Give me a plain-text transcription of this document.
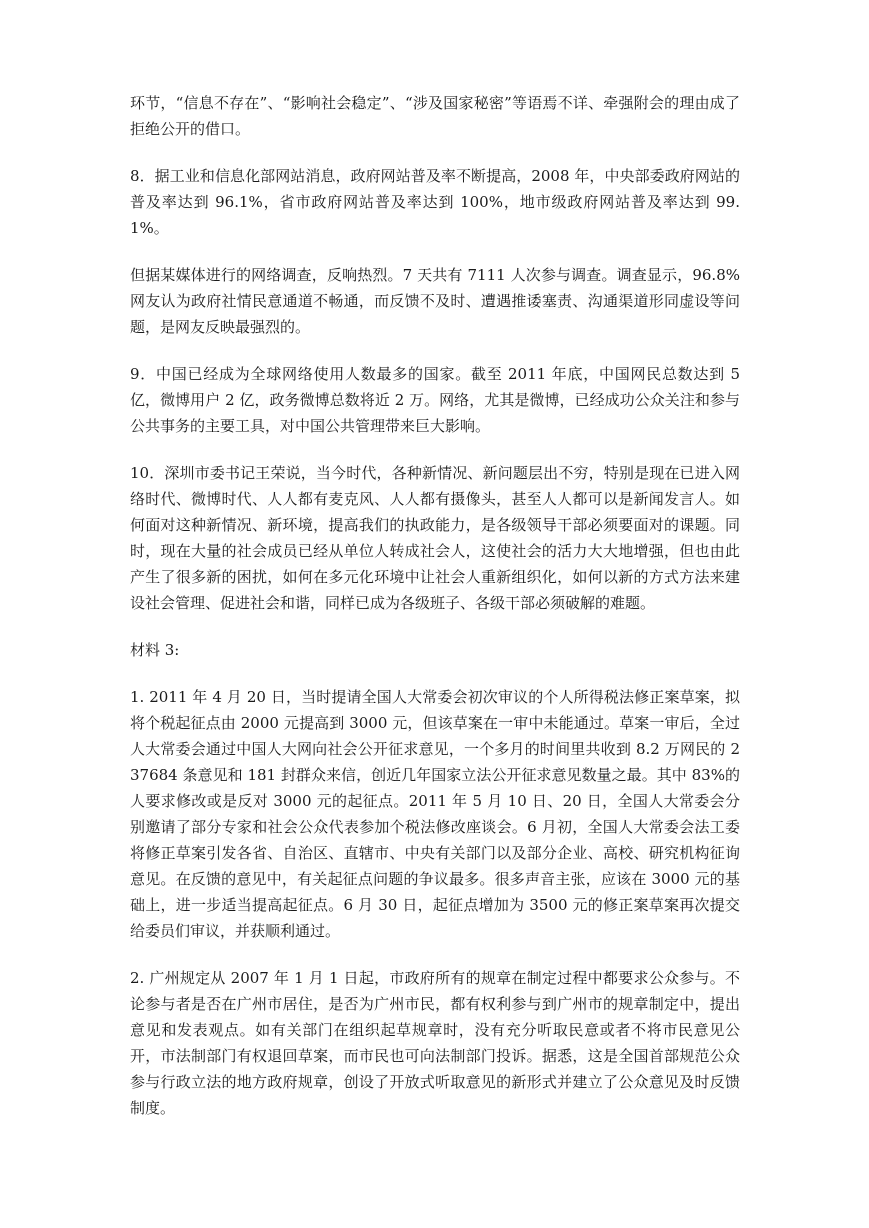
环节，“信息不存在”、“影响社会稳定”、“涉及国家秘密”等语焉不详、牵强附会的理由成了拒绝公开的借口。

8．据工业和信息化部网站消息，政府网站普及率不断提高，2008 年，中央部委政府网站的普及率达到 96.1%，省市政府网站普及率达到 100%，地市级政府网站普及率达到 99.1%。

但据某媒体进行的网络调查，反响热烈。7 天共有 7111 人次参与调查。调查显示，96.8%网友认为政府社情民意通道不畅通，而反馈不及时、遭遇推诿塞责、沟通渠道形同虚设等问题，是网友反映最强烈的。

9．中国已经成为全球网络使用人数最多的国家。截至 2011 年底，中国网民总数达到 5 亿，微博用户 2 亿，政务微博总数将近 2 万。网络，尤其是微博，已经成功公众关注和参与公共事务的主要工具，对中国公共管理带来巨大影响。

10．深圳市委书记王荣说，当今时代，各种新情况、新问题层出不穷，特别是现在已进入网络时代、微博时代、人人都有麦克风、人人都有摄像头，甚至人人都可以是新闻发言人。如何面对这种新情况、新环境，提高我们的执政能力，是各级领导干部必须要面对的课题。同时，现在大量的社会成员已经从单位人转成社会人，这使社会的活力大大地增强，但也由此产生了很多新的困扰，如何在多元化环境中让社会人重新组织化，如何以新的方式方法来建设社会管理、促进社会和谐，同样已成为各级班子、各级干部必须破解的难题。

材料 3:

1. 2011 年 4 月 20 日，当时提请全国人大常委会初次审议的个人所得税法修正案草案，拟将个税起征点由 2000 元提高到 3000 元，但该草案在一审中未能通过。草案一审后，全过人大常委会通过中国人大网向社会公开征求意见，一个多月的时间里共收到 8.2 万网民的 237684 条意见和 181 封群众来信，创近几年国家立法公开征求意见数量之最。其中 83%的人要求修改或是反对 3000 元的起征点。2011 年 5 月 10 日、20 日，全国人大常委会分别邀请了部分专家和社会公众代表参加个税法修改座谈会。6 月初，全国人大常委会法工委将修正草案引发各省、自治区、直辖市、中央有关部门以及部分企业、高校、研究机构征询意见。在反馈的意见中，有关起征点问题的争议最多。很多声音主张，应该在 3000 元的基础上，进一步适当提高起征点。6 月 30 日，起征点增加为 3500 元的修正案草案再次提交给委员们审议，并获顺利通过。

2. 广州规定从 2007 年 1 月 1 日起，市政府所有的规章在制定过程中都要求公众参与。不论参与者是否在广州市居住，是否为广州市民，都有权利参与到广州市的规章制定中，提出意见和发表观点。如有关部门在组织起草规章时，没有充分听取民意或者不将市民意见公开，市法制部门有权退回草案，而市民也可向法制部门投诉。据悉，这是全国首部规范公众参与行政立法的地方政府规章，创设了开放式听取意见的新形式并建立了公众意见及时反馈制度。
